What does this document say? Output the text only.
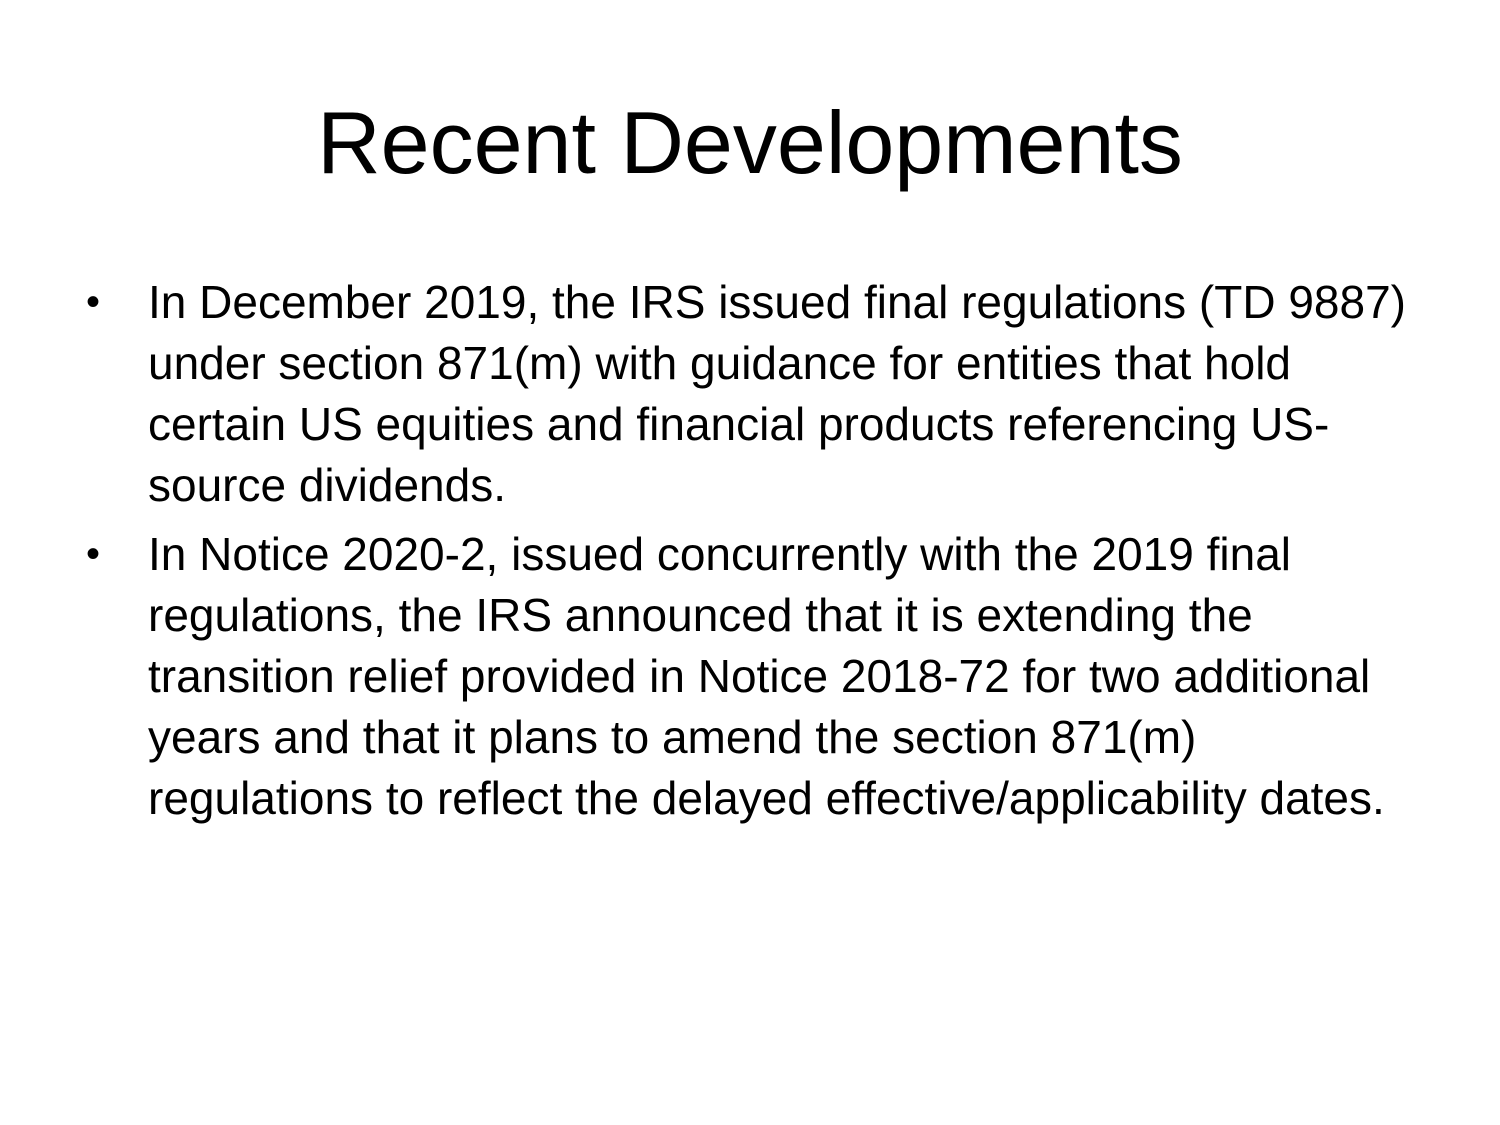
Recent Developments
• In December 2019, the IRS issued final regulations (TD 9887) under section 871(m) with guidance for entities that hold certain US equities and financial products referencing US-source dividends.
• In Notice 2020-2, issued concurrently with the 2019 final regulations, the IRS announced that it is extending the transition relief provided in Notice 2018-72 for two additional years and that it plans to amend the section 871(m) regulations to reflect the delayed effective/applicability dates.
